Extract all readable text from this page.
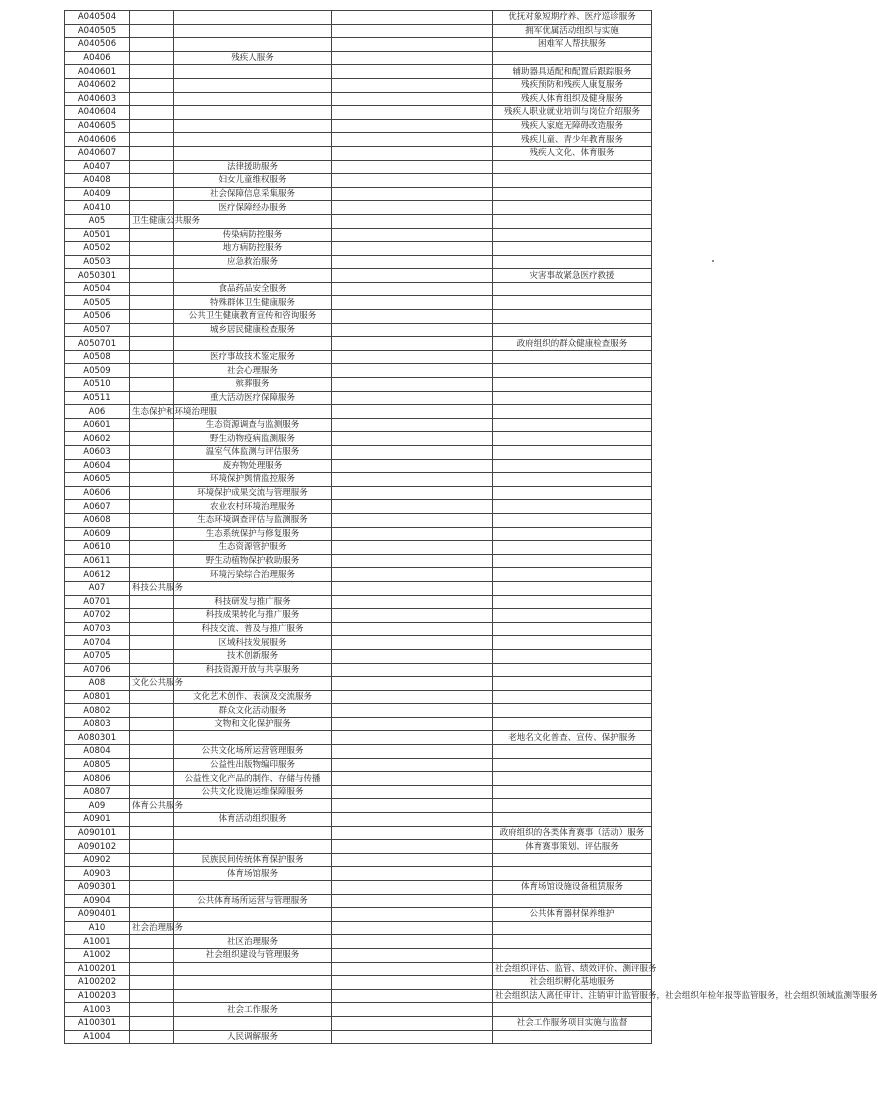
A040504				优抚对象短期疗养、医疗巡诊服务
A040505				拥军优属活动组织与实施
A040506				困难军人帮扶服务
A0406		残疾人服务		
A040601				辅助器具适配和配置后跟踪服务
A040602				残疾预防和残疾人康复服务
A040603				残疾人体育组织及健身服务
A040604				残疾人职业就业培训与岗位介绍服务
A040605				残疾人家庭无障碍改造服务
A040606				残疾儿童、青少年教育服务
A040607				残疾人文化、体育服务
A0407		法律援助服务		
A0408		妇女儿童维权服务		
A0409		社会保障信息采集服务		
A0410		医疗保障经办服务		
A05	卫生健康公共服务			
A0501		传染病防控服务		
A0502		地方病防控服务		
A0503		应急救治服务		
A050301				灾害事故紧急医疗救援
A0504		食品药品安全服务		
A0505		特殊群体卫生健康服务		
A0506		公共卫生健康教育宣传和咨询服务		
A0507		城乡居民健康检查服务		
A050701				政府组织的群众健康检查服务
A0508		医疗事故技术鉴定服务		
A0509		社会心理服务		
A0510		殡葬服务		
A0511		重大活动医疗保障服务		
A06	生态保护和环境治理服			
A0601		生态资源调查与监测服务		
A0602		野生动物疫病监测服务		
A0603		温室气体监测与评估服务		
A0604		废弃物处理服务		
A0605		环境保护舆情监控服务		
A0606		环境保护成果交流与管理服务		
A0607		农业农村环境治理服务		
A0608		生态环境调查评估与监测服务		
A0609		生态系统保护与修复服务		
A0610		生态资源管护服务		
A0611		野生动植物保护救助服务		
A0612		环境污染综合治理服务		
A07	科技公共服务			
A0701		科技研发与推广服务		
A0702		科技成果转化与推广服务		
A0703		科技交流、普及与推广服务		
A0704		区域科技发展服务		
A0705		技术创新服务		
A0706		科技资源开放与共享服务		
A08	文化公共服务			
A0801		文化艺术创作、表演及交流服务		
A0802		群众文化活动服务		
A0803		文物和文化保护服务		
A080301				老地名文化普查、宣传、保护服务
A0804		公共文化场所运营管理服务		
A0805		公益性出版物编印服务		
A0806		公益性文化产品的制作、存储与传播		
A0807		公共文化设施运维保障服务		
A09	体育公共服务			
A0901		体育活动组织服务		
A090101				政府组织的各类体育赛事（活动）服务
A090102				体育赛事策划、评估服务
A0902		民族民间传统体育保护服务		
A0903		体育场馆服务		
A090301				体育场馆设施设备租赁服务
A0904		公共体育场所运营与管理服务		
A090401				公共体育器材保养维护
A10	社会治理服务			
A1001		社区治理服务		
A1002		社会组织建设与管理服务		
A100201				社会组织评估、监管、绩效评价、测评服务
A100202				社会组织孵化基地服务
A100203				社会组织法人离任审计、注销审计监管服务，社会组织年检年报等监管服务，社会组织领域监测等服务
A1003		社会工作服务		
A100301				社会工作服务项目实施与监督
A1004		人民调解服务		
